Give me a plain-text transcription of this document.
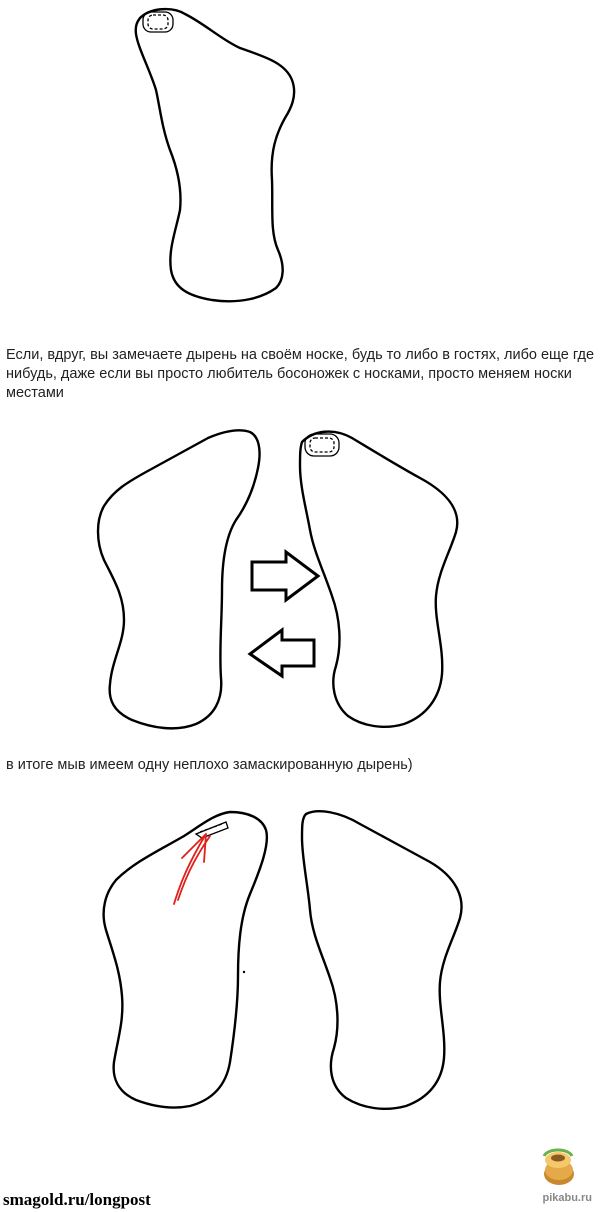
Если, вдруг, вы замечаете дырень на своём носке, будь то либо в гостях, либо еще где нибудь, даже если вы просто любитель босоножек с носками, просто меняем носки местами
в итоге мыв имеем одну неплохо замаскированную дырень)
smagold.ru/longpost	pikabu.ru
